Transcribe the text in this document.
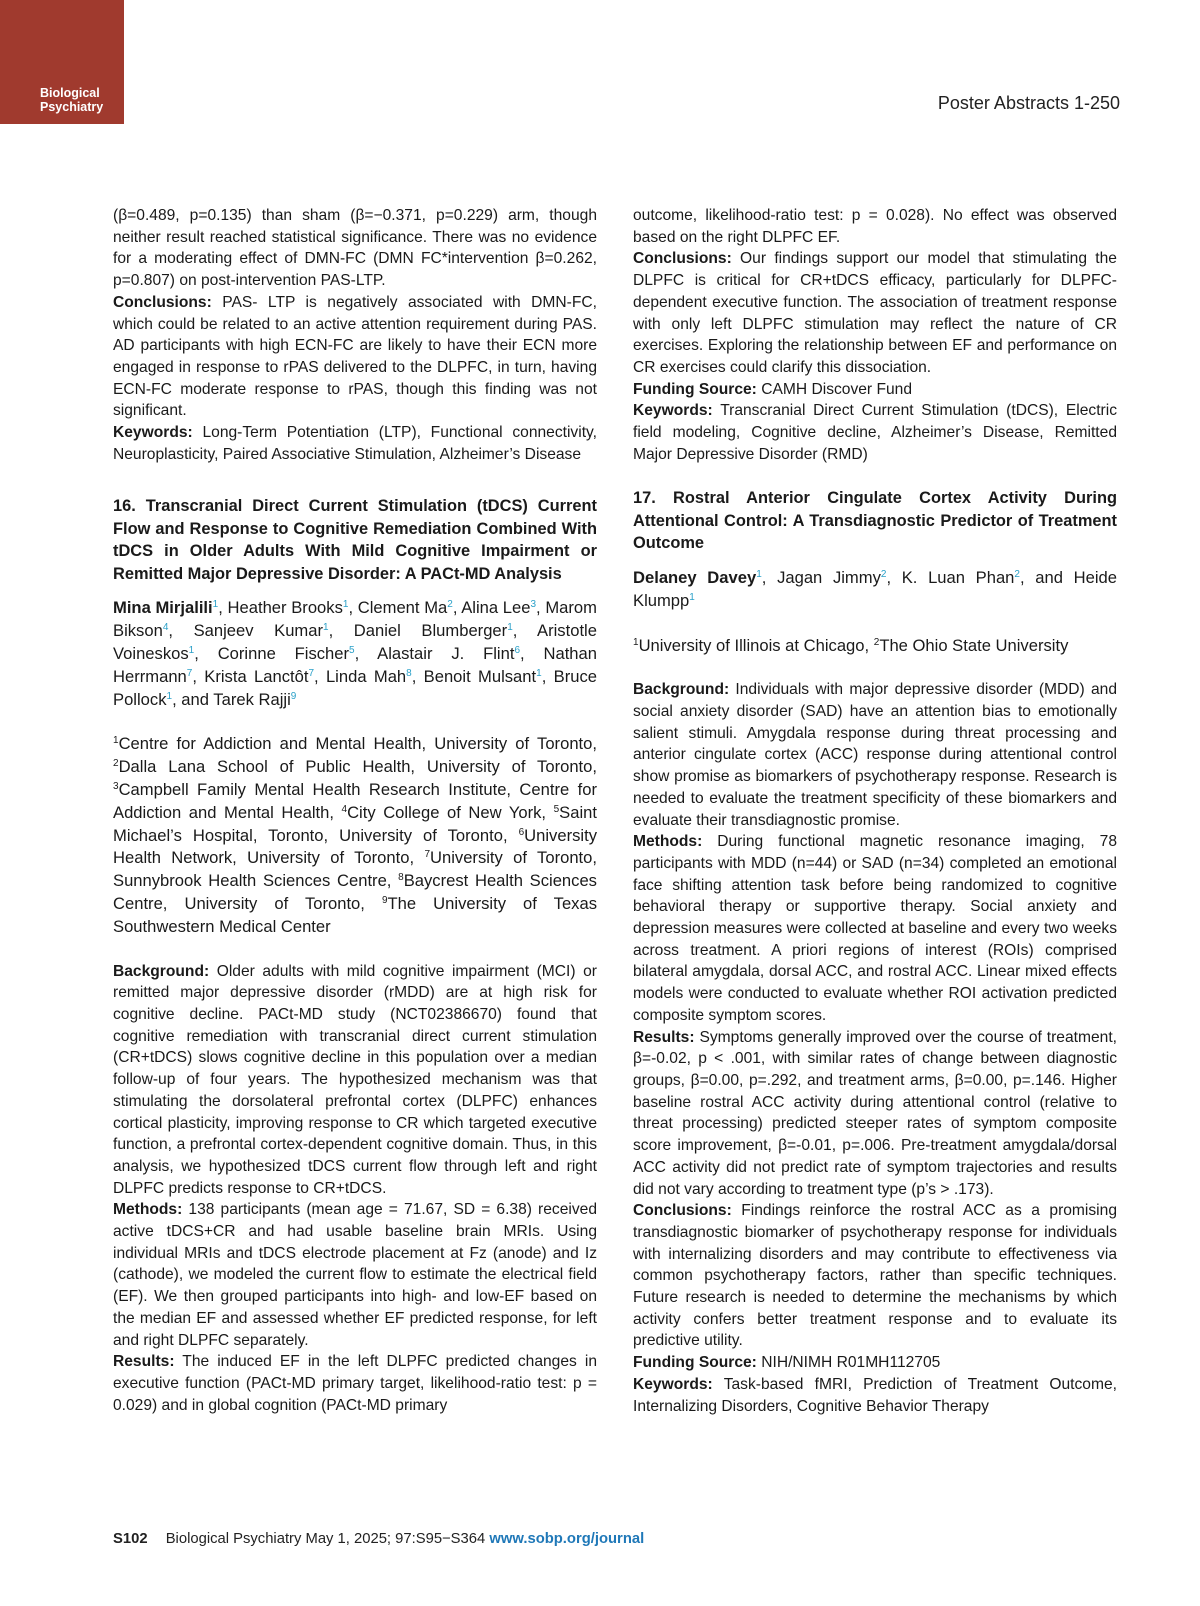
Biological
Psychiatry	Poster Abstracts 1-250

(β=0.489, p=0.135) than sham (β=−0.371, p=0.229) arm, though neither result reached statistical significance. There was no evidence for a moderating effect of DMN-FC (DMN FC*intervention β=0.262, p=0.807) on post-intervention PAS-LTP.

Conclusions: PAS- LTP is negatively associated with DMN-FC, which could be related to an active attention requirement during PAS. AD participants with high ECN-FC are likely to have their ECN more engaged in response to rPAS delivered to the DLPFC, in turn, having ECN-FC moderate response to rPAS, though this finding was not significant.

Keywords: Long-Term Potentiation (LTP), Functional connectivity, Neuroplasticity, Paired Associative Stimulation, Alzheimer’s Disease

16. Transcranial Direct Current Stimulation (tDCS) Current Flow and Response to Cognitive Remediation Combined With tDCS in Older Adults With Mild Cognitive Impairment or Remitted Major Depressive Disorder: A PACt-MD Analysis

Mina Mirjalili$^1$, Heather Brooks$^1$, Clement Ma$^2$, Alina Lee$^3$, Marom Bikson$^4$, Sanjeev Kumar$^1$, Daniel Blumberger$^1$, Aristotle Voineskos$^1$, Corinne Fischer$^5$, Alastair J. Flint$^6$, Nathan Herrmann$^7$, Krista Lanctôt$^7$, Linda Mah$^8$, Benoit Mulsant$^1$, Bruce Pollock$^1$, and Tarek Rajji$^9$

$^1$Centre for Addiction and Mental Health, University of Toronto, $^2$Dalla Lana School of Public Health, University of Toronto, $^3$Campbell Family Mental Health Research Institute, Centre for Addiction and Mental Health, $^4$City College of New York, $^5$Saint Michael’s Hospital, Toronto, University of Toronto, $^6$University Health Network, University of Toronto, $^7$University of Toronto, Sunnybrook Health Sciences Centre, $^8$Baycrest Health Sciences Centre, University of Toronto, $^9$The University of Texas Southwestern Medical Center

Background: Older adults with mild cognitive impairment (MCI) or remitted major depressive disorder (rMDD) are at high risk for cognitive decline. PACt-MD study (NCT02386670) found that cognitive remediation with transcranial direct current stimulation (CR+tDCS) slows cognitive decline in this population over a median follow-up of four years. The hypothesized mechanism was that stimulating the dorsolateral prefrontal cortex (DLPFC) enhances cortical plasticity, improving response to CR which targeted executive function, a prefrontal cortex-dependent cognitive domain. Thus, in this analysis, we hypothesized tDCS current flow through left and right DLPFC predicts response to CR+tDCS.

Methods: 138 participants (mean age = 71.67, SD = 6.38) received active tDCS+CR and had usable baseline brain MRIs. Using individual MRIs and tDCS electrode placement at Fz (anode) and Iz (cathode), we modeled the current flow to estimate the electrical field (EF). We then grouped participants into high- and low-EF based on the median EF and assessed whether EF predicted response, for left and right DLPFC separately.

Results: The induced EF in the left DLPFC predicted changes in executive function (PACt-MD primary target, likelihood-ratio test: p = 0.029) and in global cognition (PACt-MD primary

outcome, likelihood-ratio test: p = 0.028). No effect was observed based on the right DLPFC EF.

Conclusions: Our findings support our model that stimulating the DLPFC is critical for CR+tDCS efficacy, particularly for DLPFC-dependent executive function. The association of treatment response with only left DLPFC stimulation may reflect the nature of CR exercises. Exploring the relationship between EF and performance on CR exercises could clarify this dissociation.

Funding Source: CAMH Discover Fund

Keywords: Transcranial Direct Current Stimulation (tDCS), Electric field modeling, Cognitive decline, Alzheimer’s Disease, Remitted Major Depressive Disorder (RMD)

17. Rostral Anterior Cingulate Cortex Activity During Attentional Control: A Transdiagnostic Predictor of Treatment Outcome

Delaney Davey$^1$, Jagan Jimmy$^2$, K. Luan Phan$^2$, and Heide Klumpp$^1$

$^1$University of Illinois at Chicago, $^2$The Ohio State University

Background: Individuals with major depressive disorder (MDD) and social anxiety disorder (SAD) have an attention bias to emotionally salient stimuli. Amygdala response during threat processing and anterior cingulate cortex (ACC) response during attentional control show promise as biomarkers of psychotherapy response. Research is needed to evaluate the treatment specificity of these biomarkers and evaluate their transdiagnostic promise.

Methods: During functional magnetic resonance imaging, 78 participants with MDD (n=44) or SAD (n=34) completed an emotional face shifting attention task before being randomized to cognitive behavioral therapy or supportive therapy. Social anxiety and depression measures were collected at baseline and every two weeks across treatment. A priori regions of interest (ROIs) comprised bilateral amygdala, dorsal ACC, and rostral ACC. Linear mixed effects models were conducted to evaluate whether ROI activation predicted composite symptom scores.

Results: Symptoms generally improved over the course of treatment, β=-0.02, p < .001, with similar rates of change between diagnostic groups, β=0.00, p=.292, and treatment arms, β=0.00, p=.146. Higher baseline rostral ACC activity during attentional control (relative to threat processing) predicted steeper rates of symptom composite score improvement, β=-0.01, p=.006. Pre-treatment amygdala/dorsal ACC activity did not predict rate of symptom trajectories and results did not vary according to treatment type (p’s > .173).

Conclusions: Findings reinforce the rostral ACC as a promising transdiagnostic biomarker of psychotherapy response for individuals with internalizing disorders and may contribute to effectiveness via common psychotherapy factors, rather than specific techniques. Future research is needed to determine the mechanisms by which activity confers better treatment response and to evaluate its predictive utility.

Funding Source: NIH/NIMH R01MH112705

Keywords: Task-based fMRI, Prediction of Treatment Outcome, Internalizing Disorders, Cognitive Behavior Therapy

S102 Biological Psychiatry May 1, 2025; 97:S95−S364 www.sobp.org/journal
